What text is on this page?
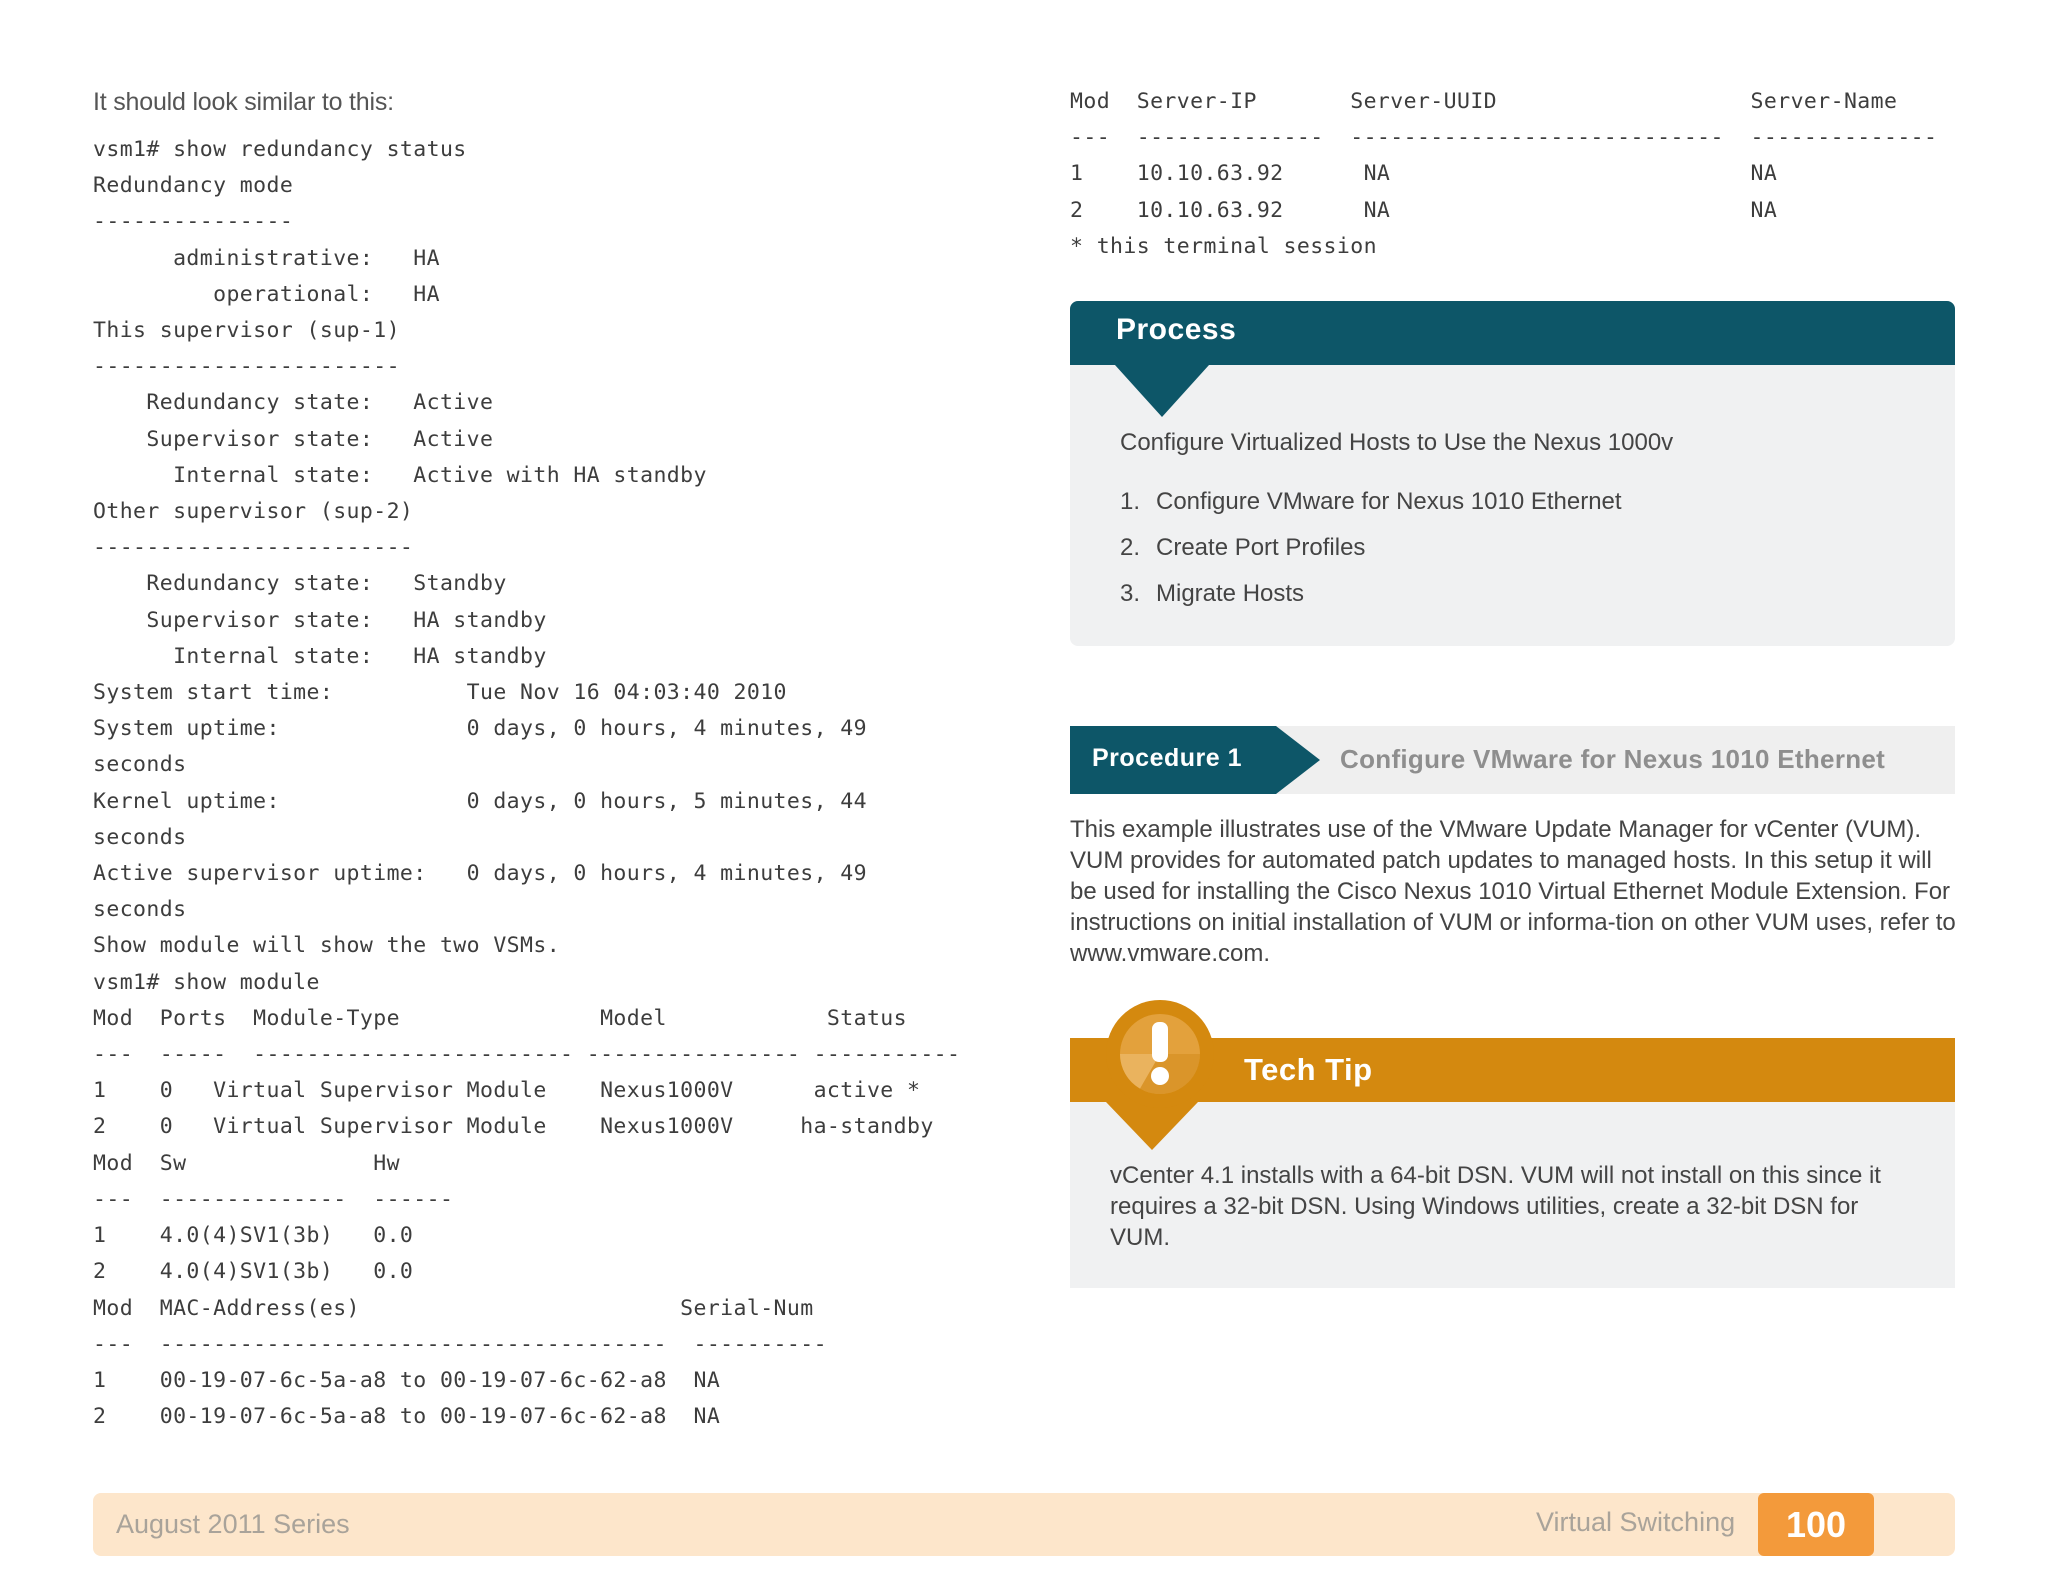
It should look similar to this:
vsm1# show redundancy status
Redundancy mode
---------------
administrative:   HA
operational:   HA
This supervisor (sup-1)
-----------------------
Redundancy state:   Active
Supervisor state:   Active
Internal state:   Active with HA standby
Other supervisor (sup-2)
------------------------
Redundancy state:   Standby
Supervisor state:   HA standby
Internal state:   HA standby
System start time:          Tue Nov 16 04:03:40 2010
System uptime:              0 days, 0 hours, 4 minutes, 49
seconds
Kernel uptime:              0 days, 0 hours, 5 minutes, 44
seconds
Active supervisor uptime:   0 days, 0 hours, 4 minutes, 49
seconds
Show module will show the two VSMs.
vsm1# show module
Mod  Ports  Module-Type               Model            Status
---  -----  ------------------------ ---------------- -----------
1    0   Virtual Supervisor Module    Nexus1000V      active *
2    0   Virtual Supervisor Module    Nexus1000V     ha-standby
Mod  Sw              Hw
---  --------------  ------
1    4.0(4)SV1(3b)   0.0
2    4.0(4)SV1(3b)   0.0
Mod  MAC-Address(es)                        Serial-Num
---  --------------------------------------  ----------
1    00-19-07-6c-5a-a8 to 00-19-07-6c-62-a8  NA
2    00-19-07-6c-5a-a8 to 00-19-07-6c-62-a8  NA
Mod  Server-IP       Server-UUID                   Server-Name
---  --------------  ----------------------------  --------------
1    10.10.63.92      NA                           NA
2    10.10.63.92      NA                           NA
* this terminal session
Process
Configure Virtualized Hosts to Use the Nexus 1000v
1. Configure VMware for Nexus 1010 Ethernet
2. Create Port Profiles
3. Migrate Hosts
Procedure 1	Configure VMware for Nexus 1010 Ethernet

This example illustrates use of the VMware Update Manager for vCenter (VUM). VUM provides for automated patch updates to managed hosts. In this setup it will be used for installing the Cisco Nexus 1010 Virtual Ethernet Module Extension. For instructions on initial installation of VUM or informa-tion on other VUM uses, refer to www.vmware.com.

Tech Tip

vCenter 4.1 installs with a 64-bit DSN. VUM will not install on this since it requires a 32-bit DSN. Using Windows utilities, create a 32-bit DSN for VUM.

August 2011 Series	Virtual Switching	100
